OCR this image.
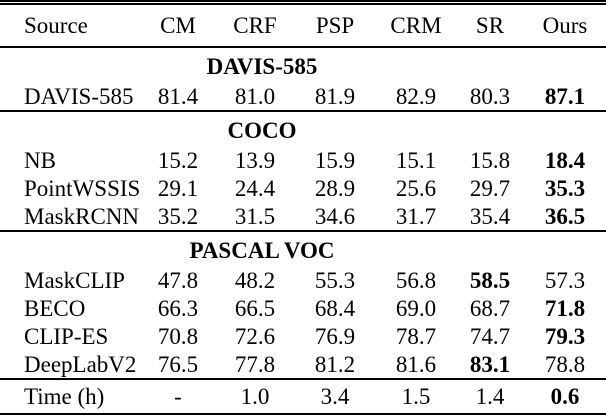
Source	CM	CRF	PSP	CRM	SR	Ours
DAVIS-585						
DAVIS-585	81.4	81.0	81.9	82.9	80.3	87.1
COCO						
NB	15.2	13.9	15.9	15.1	15.8	18.4
PointWSSIS	29.1	24.4	28.9	25.6	29.7	35.3
MaskRCNN	35.2	31.5	34.6	31.7	35.4	36.5
PASCAL VOC						
MaskCLIP	47.8	48.2	55.3	56.8	58.5	57.3
BECO	66.3	66.5	68.4	69.0	68.7	71.8
CLIP-ES	70.8	72.6	76.9	78.7	74.7	79.3
DeepLabV2	76.5	77.8	81.2	81.6	83.1	78.8
Time (h)	-	1.0	3.4	1.5	1.4	0.6
